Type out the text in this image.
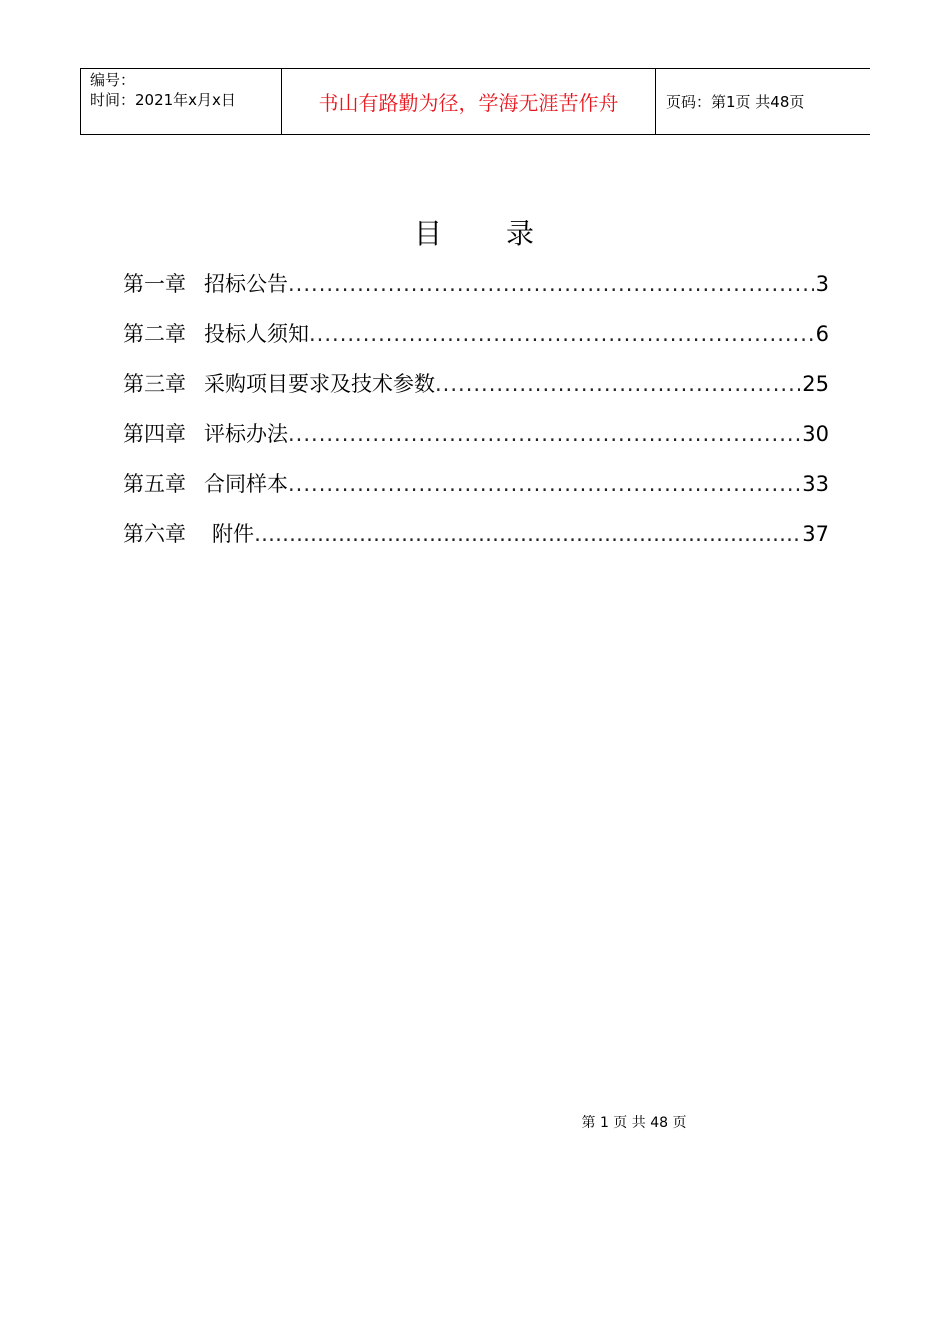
编号：
时间：2021年x月x日	书山有路勤为径，学海无涯苦作舟	页码：第1页 共48页
目 录
第一章 招标公告 .....	3
第二章 投标人须知 .....	6
第三章 采购项目要求及技术参数 .....	25
第四章 评标办法 .....	30
第五章 合同样本 .....	33
第六章 附件 ………………………………………………………………………………………………………………	37
第 1 页 共 48 页
